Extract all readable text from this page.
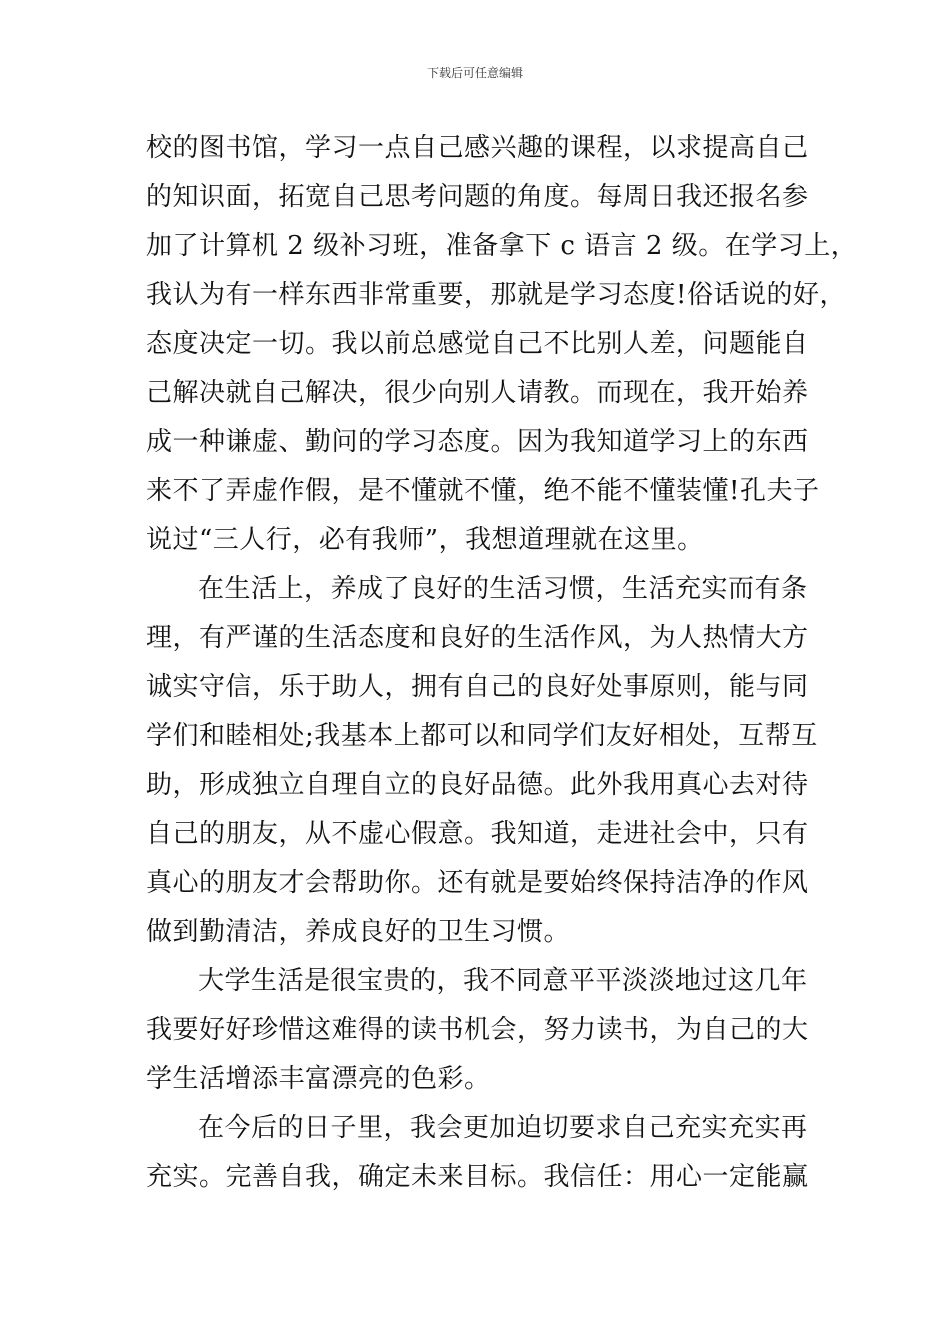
下载后可任意编辑
校的图书馆，学习一点自己感兴趣的课程，以求提高自己
的知识面，拓宽自己思考问题的角度。每周日我还报名参
加了计算机 2 级补习班，准备拿下 c 语言 2 级。在学习上，
我认为有一样东西非常重要，那就是学习态度!俗话说的好，
态度决定一切。我以前总感觉自己不比别人差，问题能自
己解决就自己解决，很少向别人请教。而现在，我开始养
成一种谦虚、勤问的学习态度。因为我知道学习上的东西
来不了弄虚作假，是不懂就不懂，绝不能不懂装懂!孔夫子
说过“三人行，必有我师”，我想道理就在这里。
在生活上，养成了良好的生活习惯，生活充实而有条
理，有严谨的生活态度和良好的生活作风，为人热情大方
诚实守信，乐于助人，拥有自己的良好处事原则，能与同
学们和睦相处;我基本上都可以和同学们友好相处，互帮互
助，形成独立自理自立的良好品德。此外我用真心去对待
自己的朋友，从不虚心假意。我知道，走进社会中，只有
真心的朋友才会帮助你。还有就是要始终保持洁净的作风
做到勤清洁，养成良好的卫生习惯。
大学生活是很宝贵的，我不同意平平淡淡地过这几年
我要好好珍惜这难得的读书机会，努力读书，为自己的大
学生活增添丰富漂亮的色彩。
在今后的日子里，我会更加迫切要求自己充实充实再
充实。完善自我，确定未来目标。我信任：用心一定能赢
